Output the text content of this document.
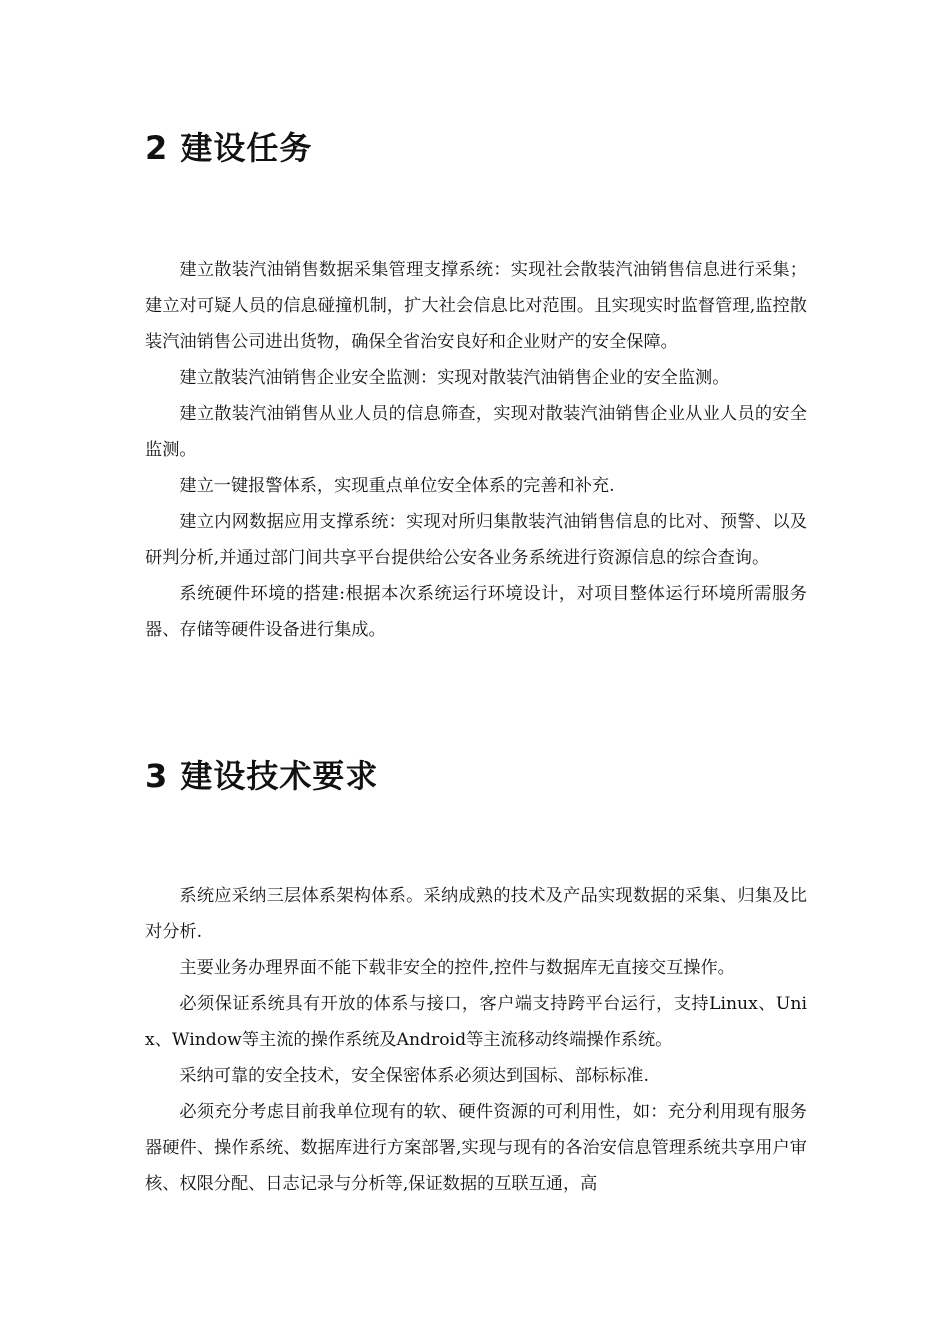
2 建设任务

建立散装汽油销售数据采集管理支撑系统：实现社会散装汽油销售信息进行采集；建立对可疑人员的信息碰撞机制，扩大社会信息比对范围。且实现实时监督管理,监控散装汽油销售公司进出货物，确保全省治安良好和企业财产的安全保障。

建立散装汽油销售企业安全监测：实现对散装汽油销售企业的安全监测。

建立散装汽油销售从业人员的信息筛查，实现对散装汽油销售企业从业人员的安全监测。

建立一键报警体系，实现重点单位安全体系的完善和补充.

建立内网数据应用支撑系统：实现对所归集散装汽油销售信息的比对、预警、以及研判分析,并通过部门间共享平台提供给公安各业务系统进行资源信息的综合查询。

系统硬件环境的搭建:根据本次系统运行环境设计，对项目整体运行环境所需服务器、存储等硬件设备进行集成。

3 建设技术要求

系统应采纳三层体系架构体系。采纳成熟的技术及产品实现数据的采集、归集及比对分析.

主要业务办理界面不能下载非安全的控件,控件与数据库无直接交互操作。

必须保证系统具有开放的体系与接口，客户端支持跨平台运行，支持Linux、Unix、Window等主流的操作系统及Android等主流移动终端操作系统。

采纳可靠的安全技术，安全保密体系必须达到国标、部标标准.

必须充分考虑目前我单位现有的软、硬件资源的可利用性，如：充分利用现有服务器硬件、操作系统、数据库进行方案部署,实现与现有的各治安信息管理系统共享用户审核、权限分配、日志记录与分析等,保证数据的互联互通，高
